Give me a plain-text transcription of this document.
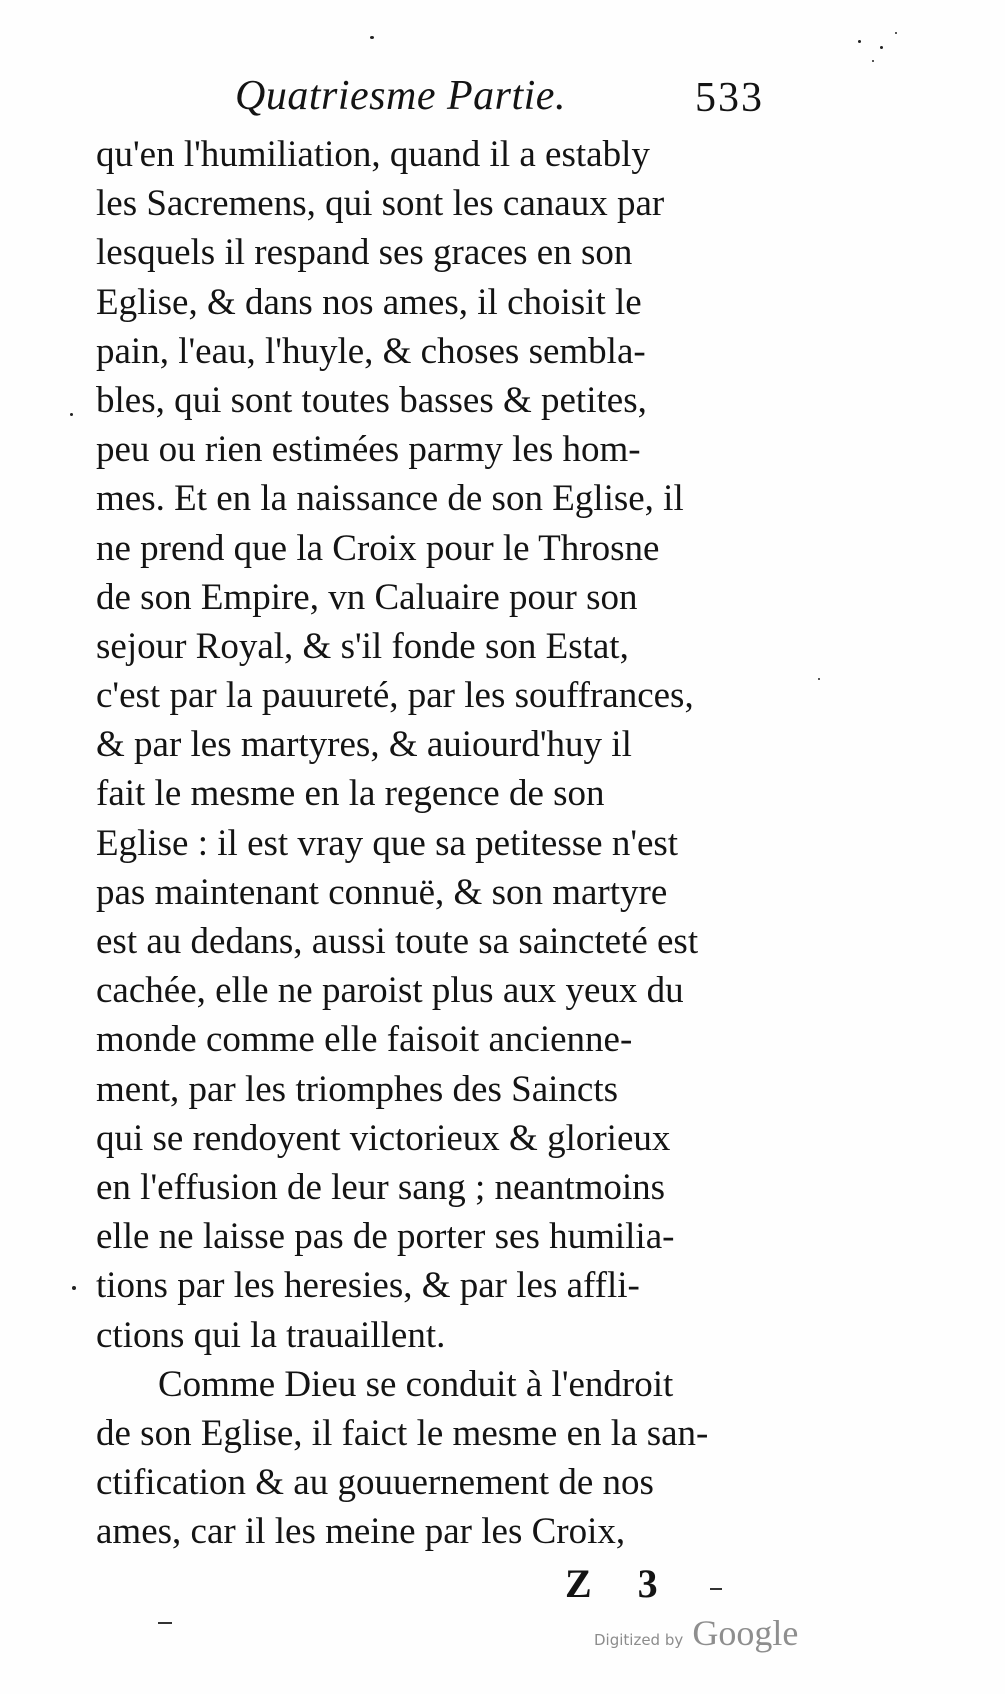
Quatriesme Partie.	533
qu'en l'humiliation, quand il a estably
les Sacremens, qui sont les canaux par
lesquels il respand ses graces en son
Eglise, & dans nos ames, il choisit le
pain, l'eau, l'huyle, & choses sembla-
bles, qui sont toutes basses & petites,
peu ou rien estimées parmy les hom-
mes. Et en la naissance de son Eglise, il
ne prend que la Croix pour le Throsne
de son Empire, vn Caluaire pour son
sejour Royal, & s'il fonde son Estat,
c'est par la pauureté, par les souffrances,
& par les martyres, & auiourd'huy il
fait le mesme en la regence de son
Eglise : il est vray que sa petitesse n'est
pas maintenant connuë, & son martyre
est au dedans, aussi toute sa saincteté est
cachée, elle ne paroist plus aux yeux du
monde comme elle faisoit ancienne-
ment, par les triomphes des Saincts
qui se rendoyent victorieux & glorieux
en l'effusion de leur sang ; neantmoins
elle ne laisse pas de porter ses humilia-
tions par les heresies, & par les affli-
ctions qui la trauaillent.
Comme Dieu se conduit à l'endroit
de son Eglise, il faict le mesme en la san-
ctification & au gouuernement de nos
ames, car il les meine par les Croix,
Z 3
Digitized by Google
